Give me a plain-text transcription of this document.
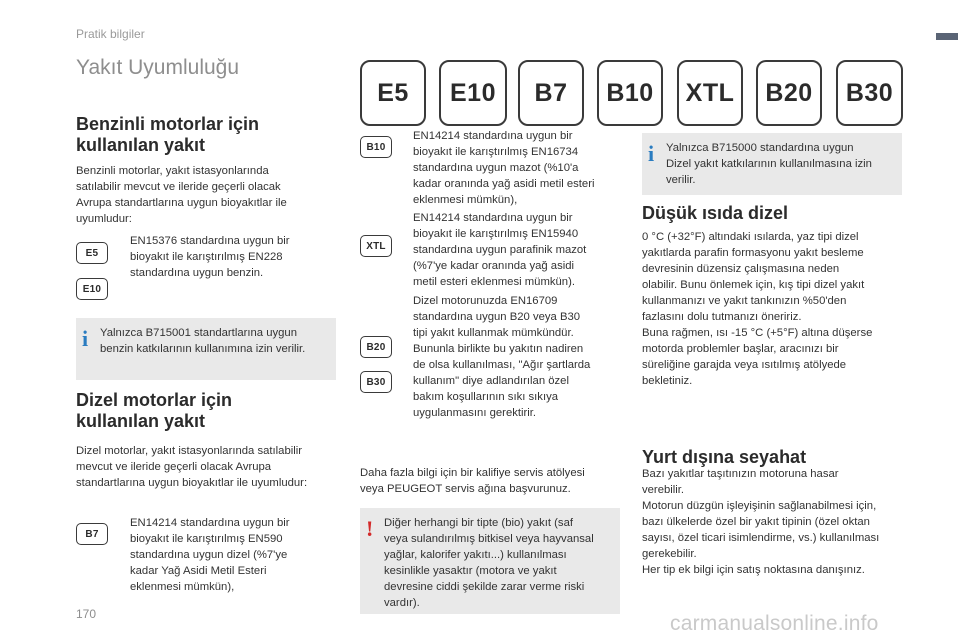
Pratik bilgiler
Yakıt Uyumluluğu
E5	E10	B7	B10	XTL	B20	B30
Benzinli motorlar için
kullanılan yakıt
Benzinli motorlar, yakıt istasyonlarında
satılabilir mevcut ve ileride geçerli olacak
Avrupa standartlarına uygun bioyakıtlar ile
uyumludur:
E5
E10
EN15376 standardına uygun bir
bioyakıt ile karıştırılmış EN228
standardına uygun benzin.
i Yalnızca B715001 standartlarına uygun
benzin katkılarının kullanımına izin verilir.
Dizel motorlar için
kullanılan yakıt
Dizel motorlar, yakıt istasyonlarında satılabilir
mevcut ve ileride geçerli olacak Avrupa
standartlarına uygun bioyakıtlar ile uyumludur:
B7
EN14214 standardına uygun bir
bioyakıt ile karıştırılmış EN590
standardına uygun dizel (%7'ye
kadar Yağ Asidi Metil Esteri
eklenmesi mümkün),
B10
EN14214 standardına uygun bir
bioyakıt ile karıştırılmış EN16734
standardına uygun mazot (%10'a
kadar oranında yağ asidi metil esteri
eklenmesi mümkün),
XTL
EN14214 standardına uygun bir
bioyakıt ile karıştırılmış EN15940
standardına uygun parafinik mazot
(%7'ye kadar oranında yağ asidi
metil esteri eklenmesi mümkün).
B20
B30
Dizel motorunuzda EN16709
standardına uygun B20 veya B30
tipi yakıt kullanmak mümkündür.
Bununla birlikte bu yakıtın nadiren
de olsa kullanılması, "Ağır şartlarda
kullanım" diye adlandırılan özel
bakım koşullarının sıkı sıkıya
uygulanmasını gerektirir.
Daha fazla bilgi için bir kalifiye servis atölyesi
veya PEUGEOT servis ağına başvurunuz.
! Diğer herhangi bir tipte (bio) yakıt (saf
veya sulandırılmış bitkisel veya hayvansal
yağlar, kalorifer yakıtı...) kullanılması
kesinlikle yasaktır (motora ve yakıt
devresine ciddi şekilde zarar verme riski
vardır).
i Yalnızca B715000 standardına uygun
Dizel yakıt katkılarının kullanılmasına izin
verilir.
Düşük ısıda dizel
0 °C (+32°F) altındaki ısılarda, yaz tipi dizel
yakıtlarda parafin formasyonu yakıt besleme
devresinin düzensiz çalışmasına neden
olabilir. Bunu önlemek için, kış tipi dizel yakıt
kullanmanızı ve yakıt tankınızın %50'den
fazlasını dolu tutmanızı öneririz.
Buna rağmen, ısı -15 °C (+5°F) altına düşerse
motorda problemler başlar, aracınızı bir
süreliğine garajda veya ısıtılmış atölyede
bekletiniz.
Yurt dışına seyahat
Bazı yakıtlar taşıtınızın motoruna hasar
verebilir.
Motorun düzgün işleyişinin sağlanabilmesi için,
bazı ülkelerde özel bir yakıt tipinin (özel oktan
sayısı, özel ticari isimlendirme, vs.) kullanılması
gerekebilir.
Her tip ek bilgi için satış noktasına danışınız.
170	carmanualsonline.info
